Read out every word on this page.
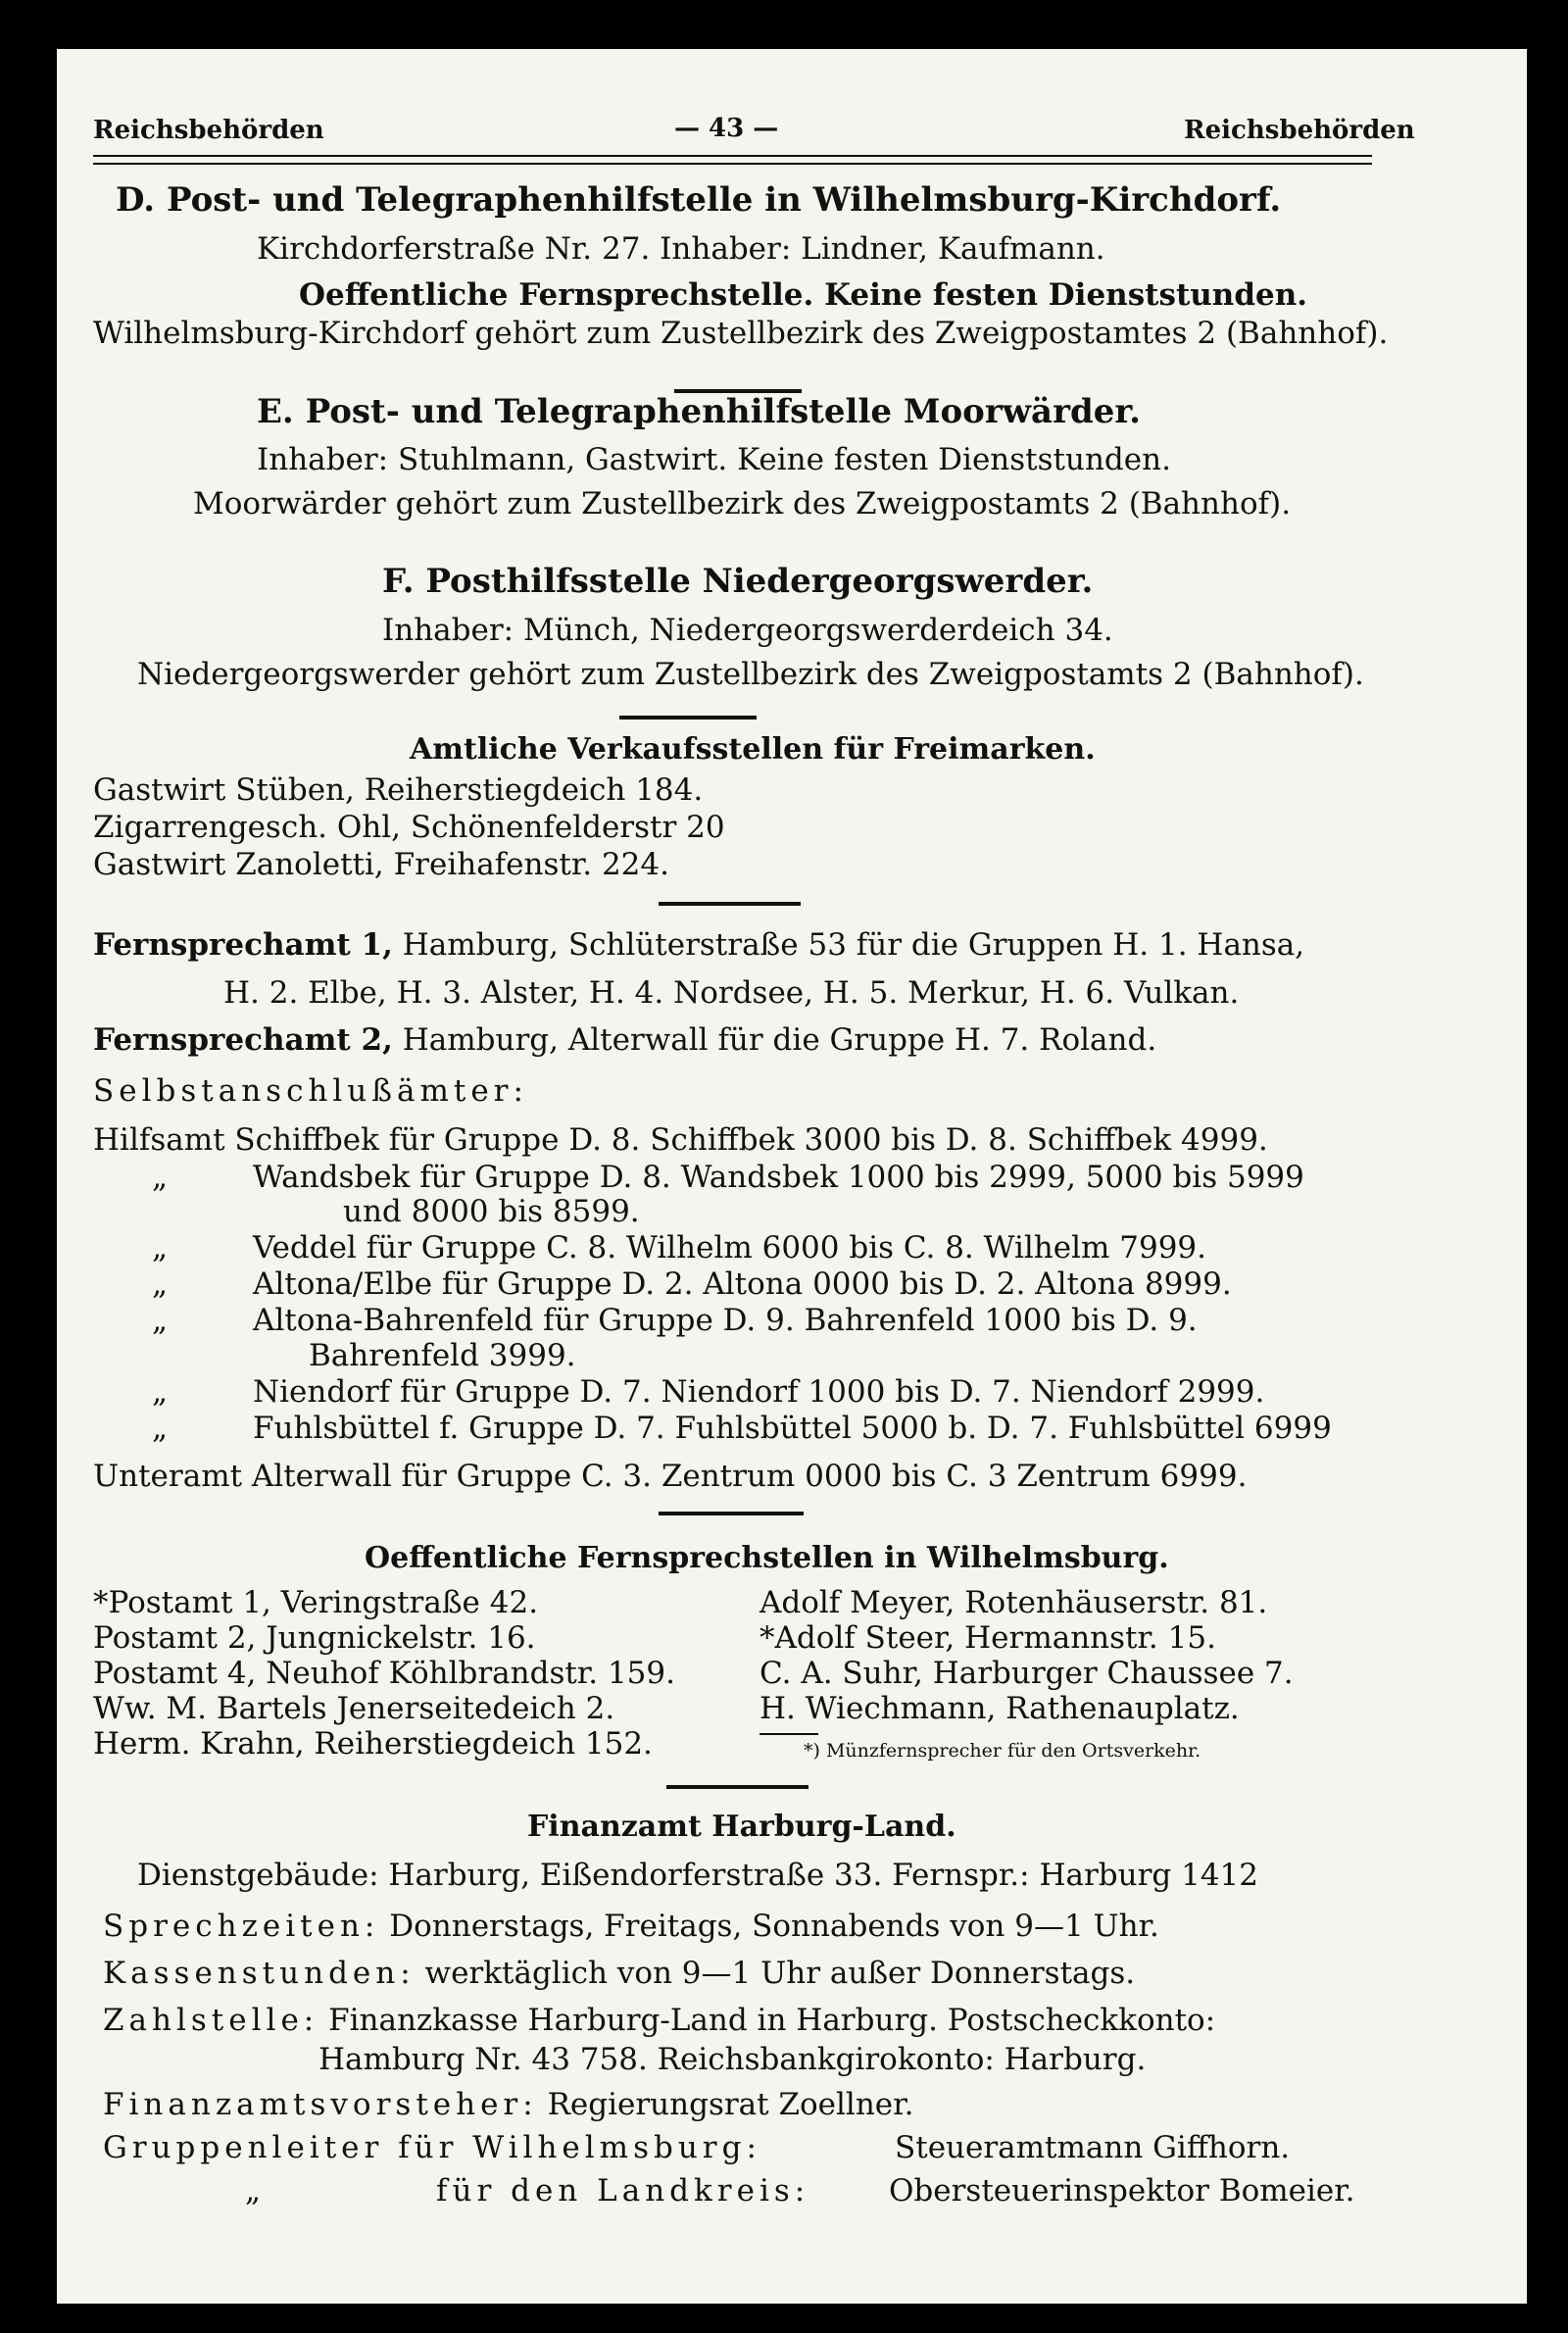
Reichsbehörden	— 43 —	Reichsbehörden
D. Post- und Telegraphenhilfstelle in Wilhelmsburg-Kirchdorf.
Kirchdorferstraße Nr. 27. Inhaber: Lindner, Kaufmann.
Oeffentliche Fernsprechstelle. Keine festen Dienststunden.
Wilhelmsburg-Kirchdorf gehört zum Zustellbezirk des Zweigpostamtes 2 (Bahnhof).
E. Post- und Telegraphenhilfstelle Moorwärder.
Inhaber: Stuhlmann, Gastwirt. Keine festen Dienststunden.
Moorwärder gehört zum Zustellbezirk des Zweigpostamts 2 (Bahnhof).
F. Posthilfsstelle Niedergeorgswerder.
Inhaber: Münch, Niedergeorgswerderdeich 34.
Niedergeorgswerder gehört zum Zustellbezirk des Zweigpostamts 2 (Bahnhof).
Amtliche Verkaufsstellen für Freimarken.
Gastwirt Stüben, Reiherstiegdeich 184.
Zigarrengesch. Ohl, Schönenfelderstr 20
Gastwirt Zanoletti, Freihafenstr. 224.
Fernsprechamt 1, Hamburg, Schlüterstraße 53 für die Gruppen H. 1. Hansa,
H. 2. Elbe, H. 3. Alster, H. 4. Nordsee, H. 5. Merkur, H. 6. Vulkan.
Fernsprechamt 2, Hamburg, Alterwall für die Gruppe H. 7. Roland.
Selbstanschlußämter:
Hilfsamt Schiffbek für Gruppe D. 8. Schiffbek 3000 bis D. 8. Schiffbek 4999.
„	Wandsbek für Gruppe D. 8. Wandsbek 1000 bis 2999, 5000 bis 5999
und 8000 bis 8599.
„	Veddel für Gruppe C. 8. Wilhelm 6000 bis C. 8. Wilhelm 7999.
„	Altona/Elbe für Gruppe D. 2. Altona 0000 bis D. 2. Altona 8999.
„	Altona-Bahrenfeld für Gruppe D. 9. Bahrenfeld 1000 bis D. 9.
Bahrenfeld 3999.
„	Niendorf für Gruppe D. 7. Niendorf 1000 bis D. 7. Niendorf 2999.
„	Fuhlsbüttel f. Gruppe D. 7. Fuhlsbüttel 5000 b. D. 7. Fuhlsbüttel 6999
Unteramt Alterwall für Gruppe C. 3. Zentrum 0000 bis C. 3 Zentrum 6999.
Oeffentliche Fernsprechstellen in Wilhelmsburg.
*Postamt 1, Veringstraße 42.
Postamt 2, Jungnickelstr. 16.
Postamt 4, Neuhof Köhlbrandstr. 159.
Ww. M. Bartels Jenerseitedeich 2.
Herm. Krahn, Reiherstiegdeich 152.
Adolf Meyer, Rotenhäuserstr. 81.
*Adolf Steer, Hermannstr. 15.
C. A. Suhr, Harburger Chaussee 7.
H. Wiechmann, Rathenauplatz.
*) Münzfernsprecher für den Ortsverkehr.
Finanzamt Harburg-Land.
Dienstgebäude: Harburg, Eißendorferstraße 33. Fernspr.: Harburg 1412
Sprechzeiten: Donnerstags, Freitags, Sonnabends von 9—1 Uhr.
Kassenstunden: werktäglich von 9—1 Uhr außer Donnerstags.
Zahlstelle: Finanzkasse Harburg-Land in Harburg. Postscheckkonto:
Hamburg Nr. 43 758. Reichsbankgirokonto: Harburg.
Finanzamtsvorsteher: Regierungsrat Zoellner.
Gruppenleiter für Wilhelmsburg:	Steueramtmann Giffhorn.
„	für den Landkreis:	Obersteuerinspektor Bomeier.
